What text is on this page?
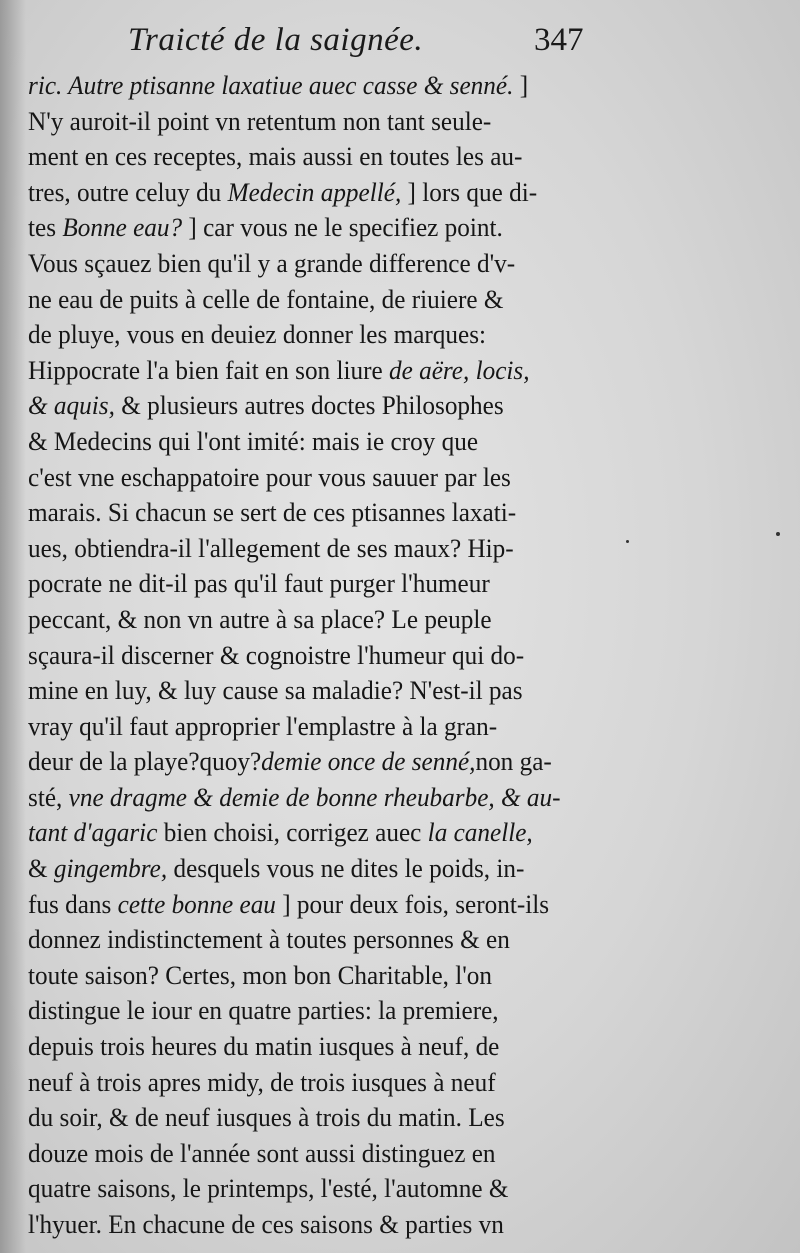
Traicté de la saignée.	347
ric. Autre ptisanne laxatiue auec casse & senné. ]
N'y auroit-il point vn retentum non tant seule-
ment en ces receptes, mais aussi en toutes les au-
tres, outre celuy du Medecin appellé, ] lors que di-
tes Bonne eau? ] car vous ne le specifiez point.
Vous sçauez bien qu'il y a grande difference d'v-
ne eau de puits à celle de fontaine, de riuiere &
de pluye, vous en deuiez donner les marques:
Hippocrate l'a bien fait en son liure de aëre, locis,
& aquis, & plusieurs autres doctes Philosophes
& Medecins qui l'ont imité: mais ie croy que
c'est vne eschappatoire pour vous sauuer par les
marais. Si chacun se sert de ces ptisannes laxati-
ues, obtiendra-il l'allegement de ses maux? Hip-
pocrate ne dit-il pas qu'il faut purger l'humeur
peccant, & non vn autre à sa place? Le peuple
sçaura-il discerner & cognoistre l'humeur qui do-
mine en luy, & luy cause sa maladie? N'est-il pas
vray qu'il faut approprier l'emplastre à la gran-
deur de la playe?quoy?demie once de senné,non ga-
sté, vne dragme & demie de bonne rheubarbe, & au-
tant d'agaric bien choisi, corrigez auec la canelle,
& gingembre, desquels vous ne dites le poids, in-
fus dans cette bonne eau ] pour deux fois, seront-ils
donnez indistinctement à toutes personnes & en
toute saison? Certes, mon bon Charitable, l'on
distingue le iour en quatre parties: la premiere,
depuis trois heures du matin iusques à neuf, de
neuf à trois apres midy, de trois iusques à neuf
du soir, & de neuf iusques à trois du matin. Les
douze mois de l'année sont aussi distinguez en
quatre saisons, le printemps, l'esté, l'automne &
l'hyuer. En chacune de ces saisons & parties vn
